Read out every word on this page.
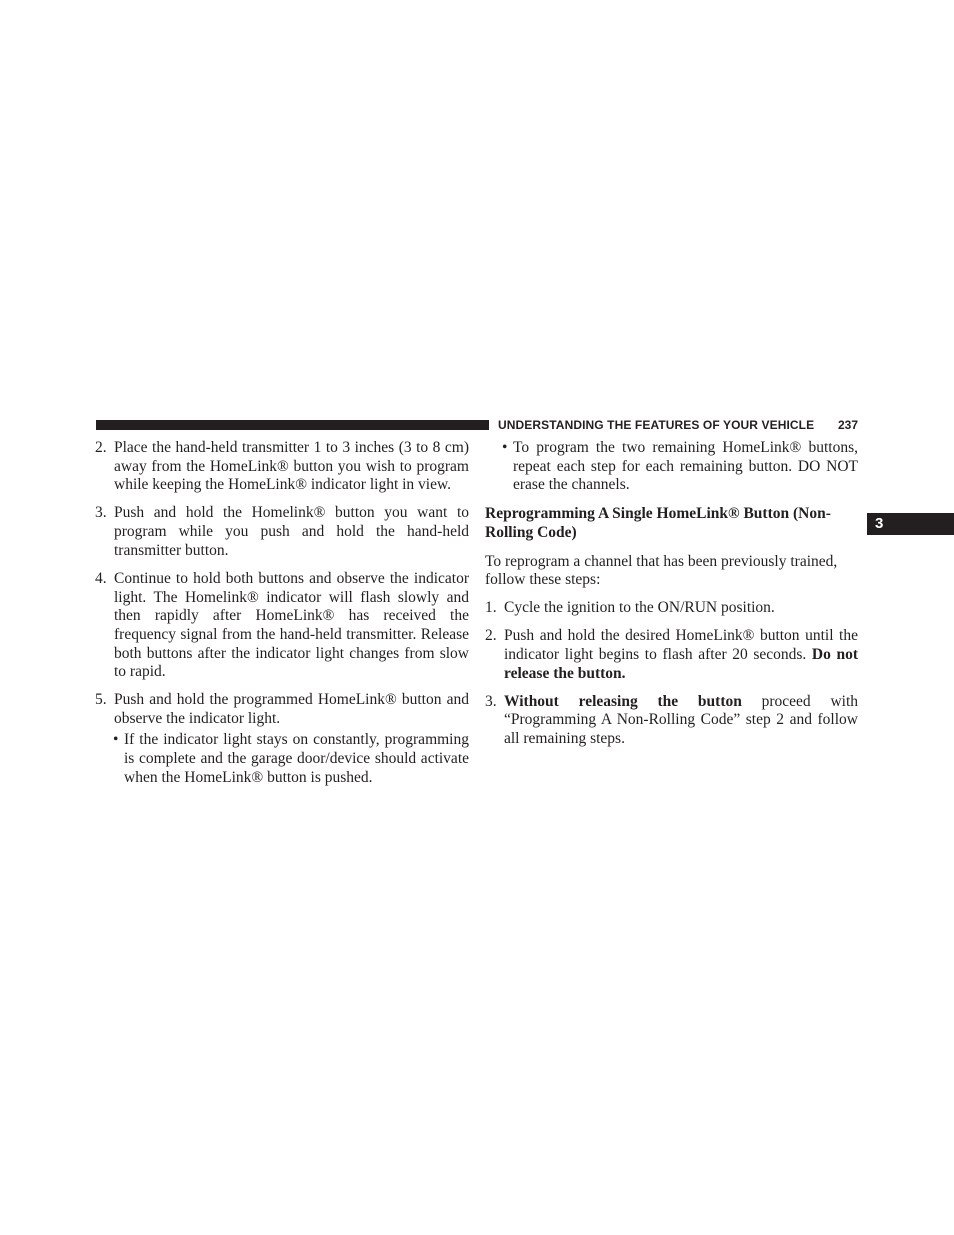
UNDERSTANDING THE FEATURES OF YOUR VEHICLE 237
3
2. Place the hand-held transmitter 1 to 3 inches (3 to 8 cm) away from the HomeLink® button you wish to program while keeping the HomeLink® indicator light in view.
3. Push and hold the Homelink® button you want to program while you push and hold the hand-held transmitter button.
4. Continue to hold both buttons and observe the indicator light. The Homelink® indicator will flash slowly and then rapidly after HomeLink® has received the frequency signal from the hand-held transmitter. Release both buttons after the indicator light changes from slow to rapid.
5. Push and hold the programmed HomeLink® button and observe the indicator light.
• If the indicator light stays on constantly, programming is complete and the garage door/device should activate when the HomeLink® button is pushed.
• To program the two remaining HomeLink® buttons, repeat each step for each remaining button. DO NOT erase the channels.
Reprogramming A Single HomeLink® Button (Non-Rolling Code)
To reprogram a channel that has been previously trained, follow these steps:
1. Cycle the ignition to the ON/RUN position.
2. Push and hold the desired HomeLink® button until the indicator light begins to flash after 20 seconds. Do not release the button.
3. Without releasing the button proceed with “Programming A Non-Rolling Code” step 2 and follow all remaining steps.
